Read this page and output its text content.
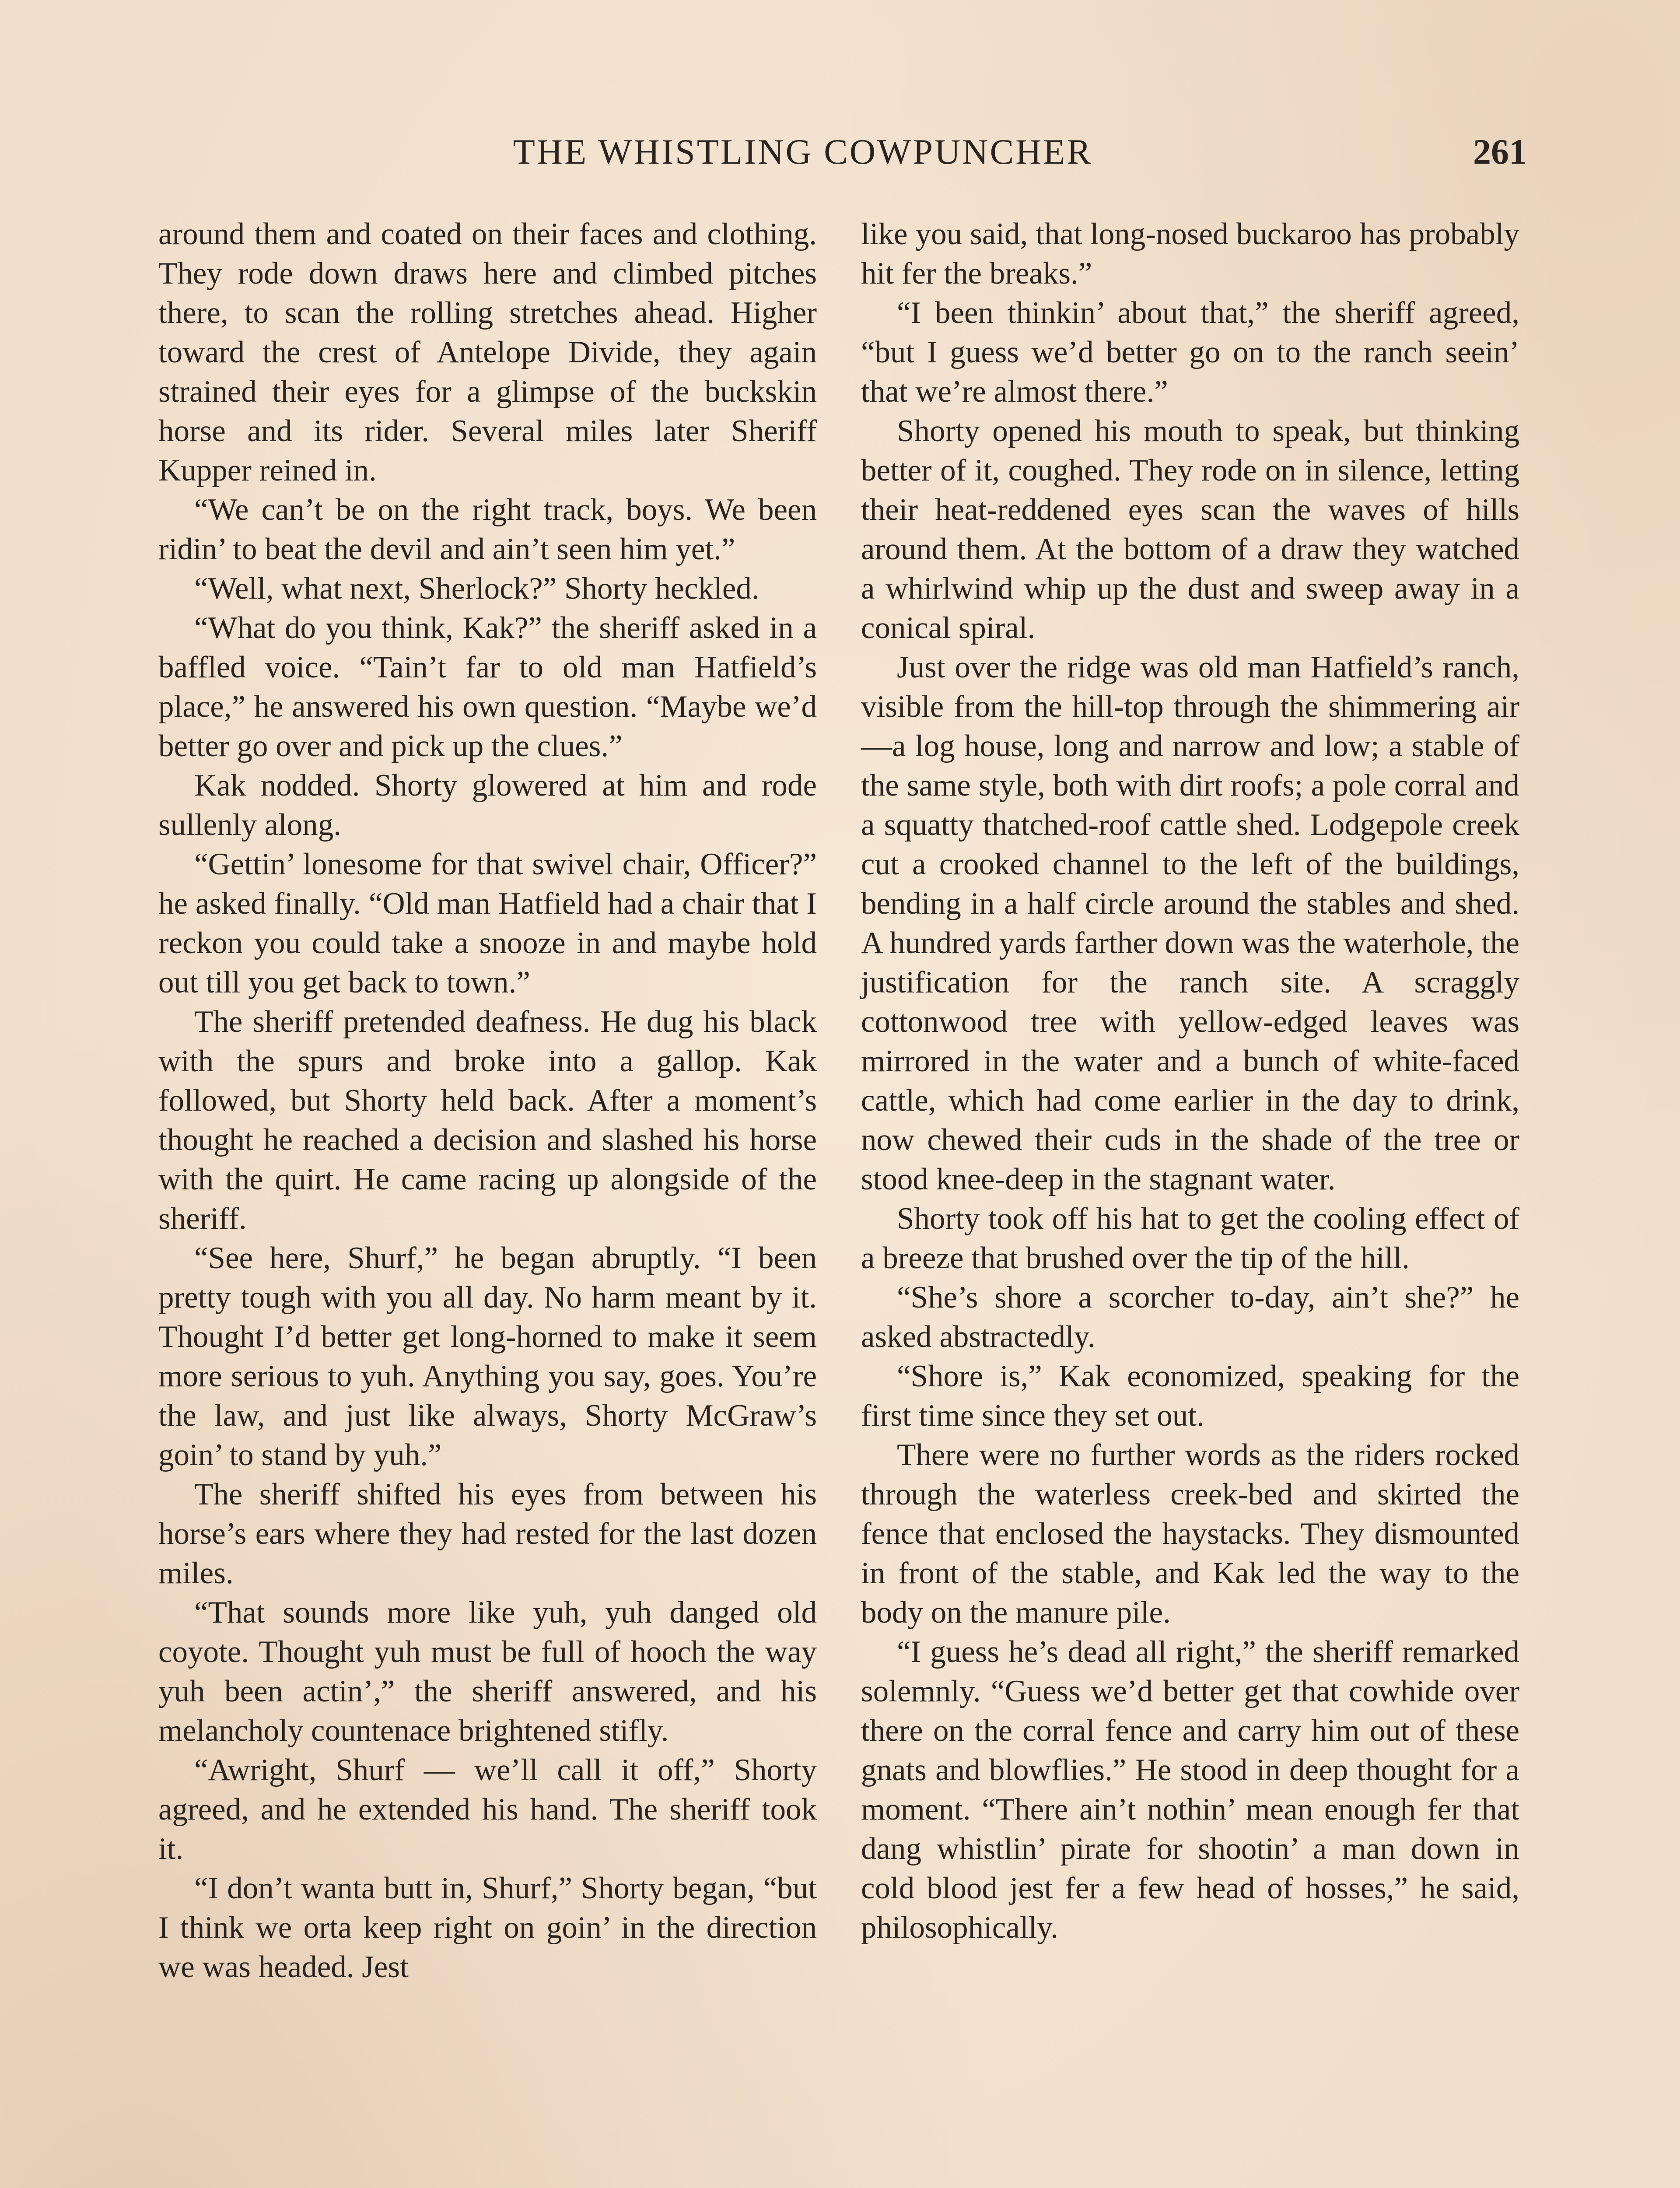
THE WHISTLING COWPUNCHER	261

around them and coated on their faces and clothing. They rode down draws here and climbed pitches there, to scan the rolling stretches ahead. Higher toward the crest of Antelope Divide, they again strained their eyes for a glimpse of the buckskin horse and its rider. Several miles later Sheriff Kupper reined in.

“We can’t be on the right track, boys. We been ridin’ to beat the devil and ain’t seen him yet.”

“Well, what next, Sherlock?” Shorty heckled.

“What do you think, Kak?” the sheriff asked in a baffled voice. “Tain’t far to old man Hatfield’s place,” he answered his own question. “Maybe we’d better go over and pick up the clues.”

Kak nodded. Shorty glowered at him and rode sullenly along.

“Gettin’ lonesome for that swivel chair, Officer?” he asked finally. “Old man Hatfield had a chair that I reckon you could take a snooze in and maybe hold out till you get back to town.”

The sheriff pretended deafness. He dug his black with the spurs and broke into a gallop. Kak followed, but Shorty held back. After a moment’s thought he reached a decision and slashed his horse with the quirt. He came racing up alongside of the sheriff.

“See here, Shurf,” he began abruptly. “I been pretty tough with you all day. No harm meant by it. Thought I’d better get long-horned to make it seem more serious to yuh. Anything you say, goes. You’re the law, and just like always, Shorty McGraw’s goin’ to stand by yuh.”

The sheriff shifted his eyes from between his horse’s ears where they had rested for the last dozen miles.

“That sounds more like yuh, yuh danged old coyote. Thought yuh must be full of hooch the way yuh been actin’,” the sheriff answered, and his melancholy countenace brightened stifly.

“Awright, Shurf — we’ll call it off,” Shorty agreed, and he extended his hand. The sheriff took it.

“I don’t wanta butt in, Shurf,” Shorty began, “but I think we orta keep right on goin’ in the direction we was headed. Jest

like you said, that long-nosed buckaroo has probably hit fer the breaks.”

“I been thinkin’ about that,” the sheriff agreed, “but I guess we’d better go on to the ranch seein’ that we’re almost there.”

Shorty opened his mouth to speak, but thinking better of it, coughed. They rode on in silence, letting their heat-reddened eyes scan the waves of hills around them. At the bottom of a draw they watched a whirlwind whip up the dust and sweep away in a conical spiral.

Just over the ridge was old man Hatfield’s ranch, visible from the hill-top through the shimmering air—a log house, long and narrow and low; a stable of the same style, both with dirt roofs; a pole corral and a squatty thatched-roof cattle shed. Lodgepole creek cut a crooked channel to the left of the buildings, bending in a half circle around the stables and shed. A hundred yards farther down was the waterhole, the justification for the ranch site. A scraggly cottonwood tree with yellow-edged leaves was mirrored in the water and a bunch of white-faced cattle, which had come earlier in the day to drink, now chewed their cuds in the shade of the tree or stood knee-deep in the stagnant water.

Shorty took off his hat to get the cooling effect of a breeze that brushed over the tip of the hill.

“She’s shore a scorcher to-day, ain’t she?” he asked abstractedly.

“Shore is,” Kak economized, speaking for the first time since they set out.

There were no further words as the riders rocked through the waterless creek-bed and skirted the fence that enclosed the haystacks. They dismounted in front of the stable, and Kak led the way to the body on the manure pile.

“I guess he’s dead all right,” the sheriff remarked solemnly. “Guess we’d better get that cowhide over there on the corral fence and carry him out of these gnats and blowflies.” He stood in deep thought for a moment. “There ain’t nothin’ mean enough fer that dang whistlin’ pirate for shootin’ a man down in cold blood jest fer a few head of hosses,” he said, philosophically.
